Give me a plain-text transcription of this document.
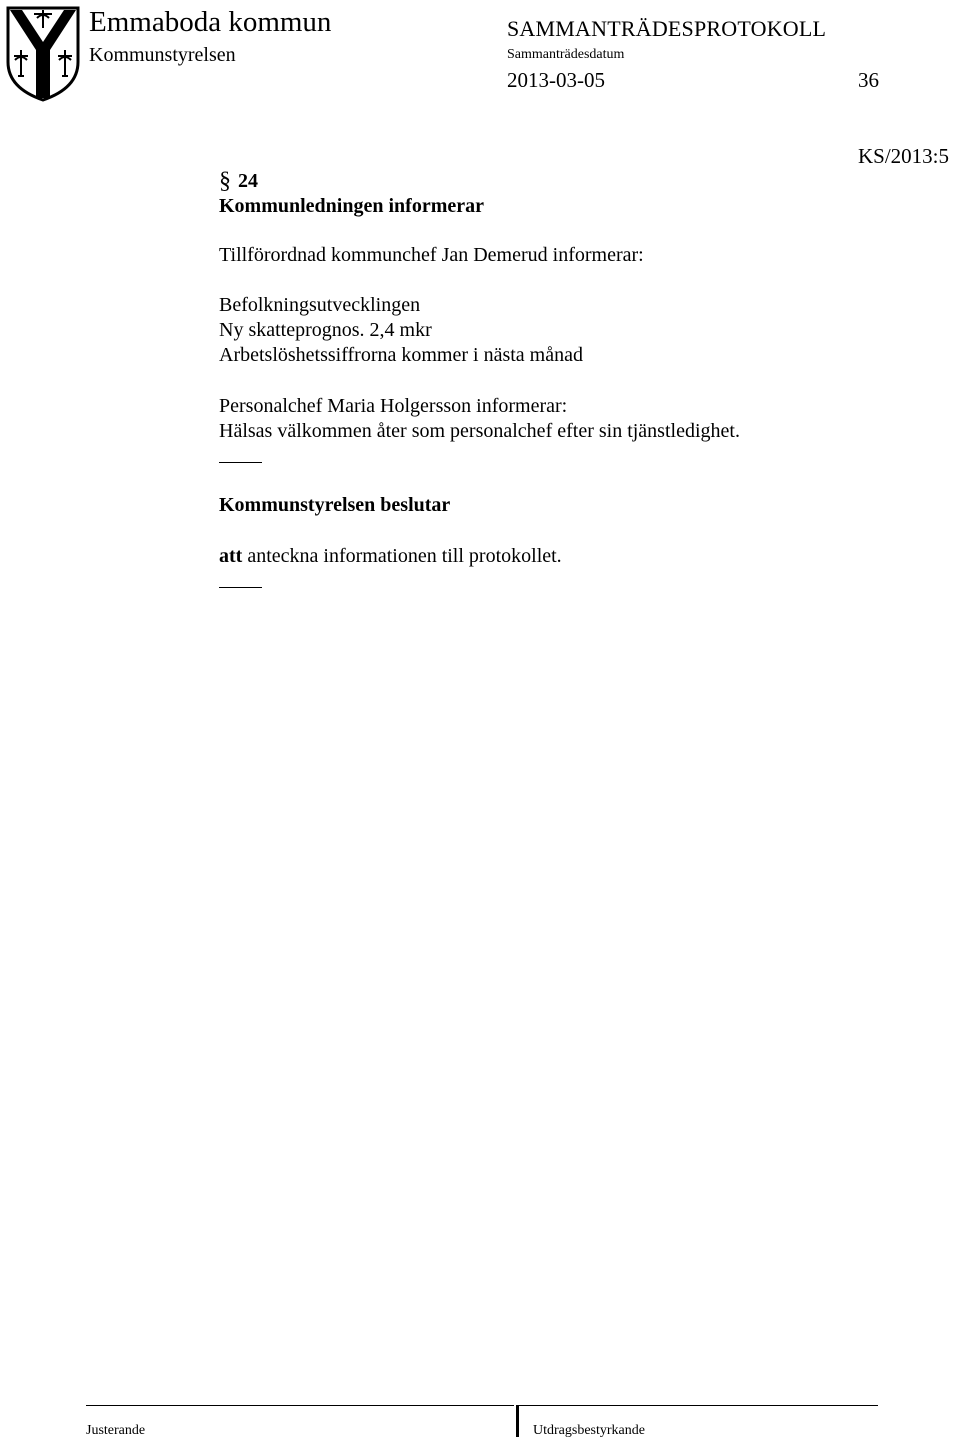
Emmaboda kommun
Kommunstyrelsen
SAMMANTRÄDESPROTOKOLL
Sammanträdesdatum
2013-03-05	36
KS/2013:5
§ 24
Kommunledningen informerar
Tillförordnad kommunchef Jan Demerud informerar:
Befolkningsutvecklingen
Ny skatteprognos. 2,4 mkr
Arbetslöshetssiffrorna kommer i nästa månad
Personalchef Maria Holgersson informerar:
Hälsas välkommen åter som personalchef efter sin tjänstledighet.
Kommunstyrelsen beslutar
att anteckna informationen till protokollet.
Justerande	Utdragsbestyrkande
